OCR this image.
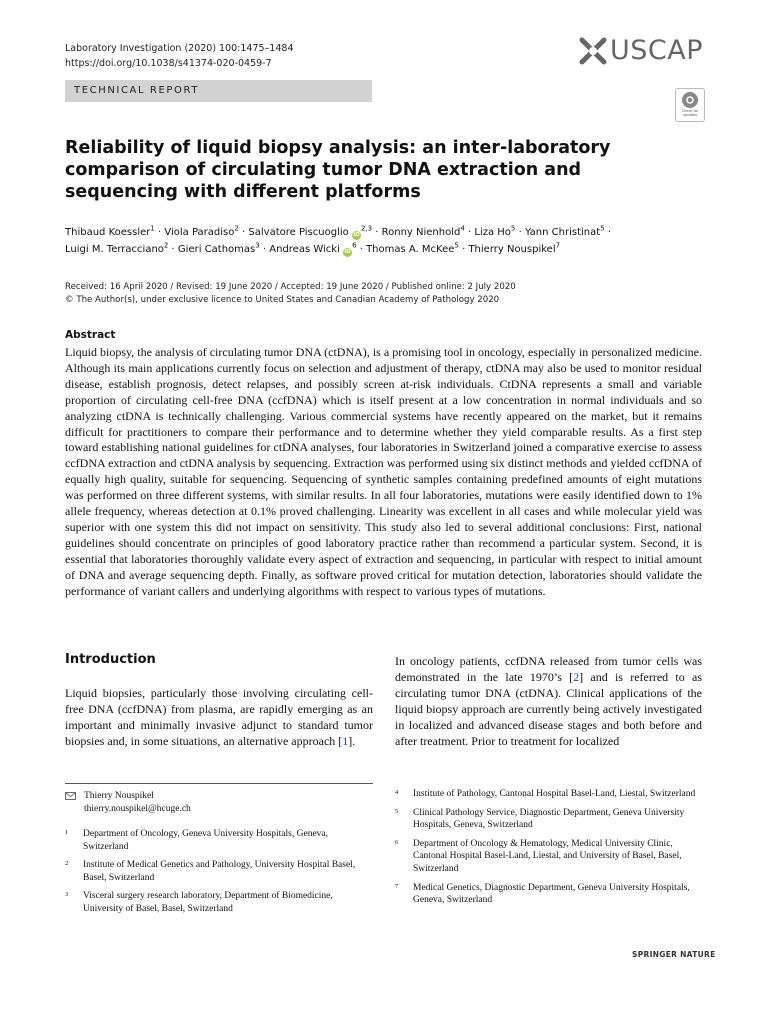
Laboratory Investigation (2020) 100:1475–1484
https://doi.org/10.1038/s41374-020-0459-7	USCAP
TECHNICAL REPORT
Check for updates
Reliability of liquid biopsy analysis: an inter-laboratory comparison of circulating tumor DNA extraction and sequencing with different platforms
Thibaud Koessler$^1$ · Viola Paradiso$^2$ · Salvatore Piscuoglio iD$^{2,3}$ · Ronny Nienhold$^4$ · Liza $Ho^5$ · Yann Christinat$^5$ ·
Luigi M. Terracciano$^2$ · Gieri Cathomas$^3$ · Andreas Wicki $iD^6$ · Thomas A. McKee$^5$ · Thierry Nouspikel$^7$
Received: 16 April 2020 / Revised: 19 June 2020 / Accepted: 19 June 2020 / Published online: 2 July 2020
© The Author(s), under exclusive licence to United States and Canadian Academy of Pathology 2020
Abstract

Liquid biopsy, the analysis of circulating tumor DNA (ctDNA), is a promising tool in oncology, especially in personalized medicine. Although its main applications currently focus on selection and adjustment of therapy, ctDNA may also be used to monitor residual disease, establish prognosis, detect relapses, and possibly screen at-risk individuals. CtDNA represents a small and variable proportion of circulating cell-free DNA (ccfDNA) which is itself present at a low concentration in normal individuals and so analyzing ctDNA is technically challenging. Various commercial systems have recently appeared on the market, but it remains difficult for practitioners to compare their performance and to determine whether they yield comparable results. As a first step toward establishing national guidelines for ctDNA analyses, four laboratories in Switzerland joined a comparative exercise to assess ccfDNA extraction and ctDNA analysis by sequencing. Extraction was performed using six distinct methods and yielded ccfDNA of equally high quality, suitable for sequencing. Sequencing of synthetic samples containing predefined amounts of eight mutations was performed on three different systems, with similar results. In all four laboratories, mutations were easily identified down to 1% allele frequency, whereas detection at 0.1% proved challenging. Linearity was excellent in all cases and while molecular yield was superior with one system this did not impact on sensitivity. This study also led to several additional conclusions: First, national guidelines should concentrate on principles of good laboratory practice rather than recommend a particular system. Second, it is essential that laboratories thoroughly validate every aspect of extraction and sequencing, in particular with respect to initial amount of DNA and average sequencing depth. Finally, as software proved critical for mutation detection, laboratories should validate the performance of variant callers and underlying algorithms with respect to various types of mutations.

Introduction

Liquid biopsies, particularly those involving circulating cell-free DNA (ccfDNA) from plasma, are rapidly emerging as an important and minimally invasive adjunct to standard tumor biopsies and, in some situations, an alternative approach [1].

In oncology patients, ccfDNA released from tumor cells was demonstrated in the late 1970’s [2] and is referred to as circulating tumor DNA (ctDNA). Clinical applications of the liquid biopsy approach are currently being actively investigated in localized and advanced disease stages and both before and after treatment. Prior to treatment for localized

Thierry Nouspikel
thierry.nouspikel@hcuge.ch
1	Department of Oncology, Geneva University Hospitals, Geneva, Switzerland
2	Institute of Medical Genetics and Pathology, University Hospital Basel, Basel, Switzerland
3	Visceral surgery research laboratory, Department of Biomedicine, University of Basel, Basel, Switzerland
4	Institute of Pathology, Cantonal Hospital Basel-Land, Liestal, Switzerland
5	Clinical Pathology Service, Diagnostic Department, Geneva University Hospitals, Geneva, Switzerland
6	Department of Oncology & Hematology, Medical University Clinic, Cantonal Hospital Basel-Land, Liestal, and University of Basel, Basel, Switzerland
7	Medical Genetics, Diagnostic Department, Geneva University Hospitals, Geneva, Switzerland
SPRINGER NATURE
